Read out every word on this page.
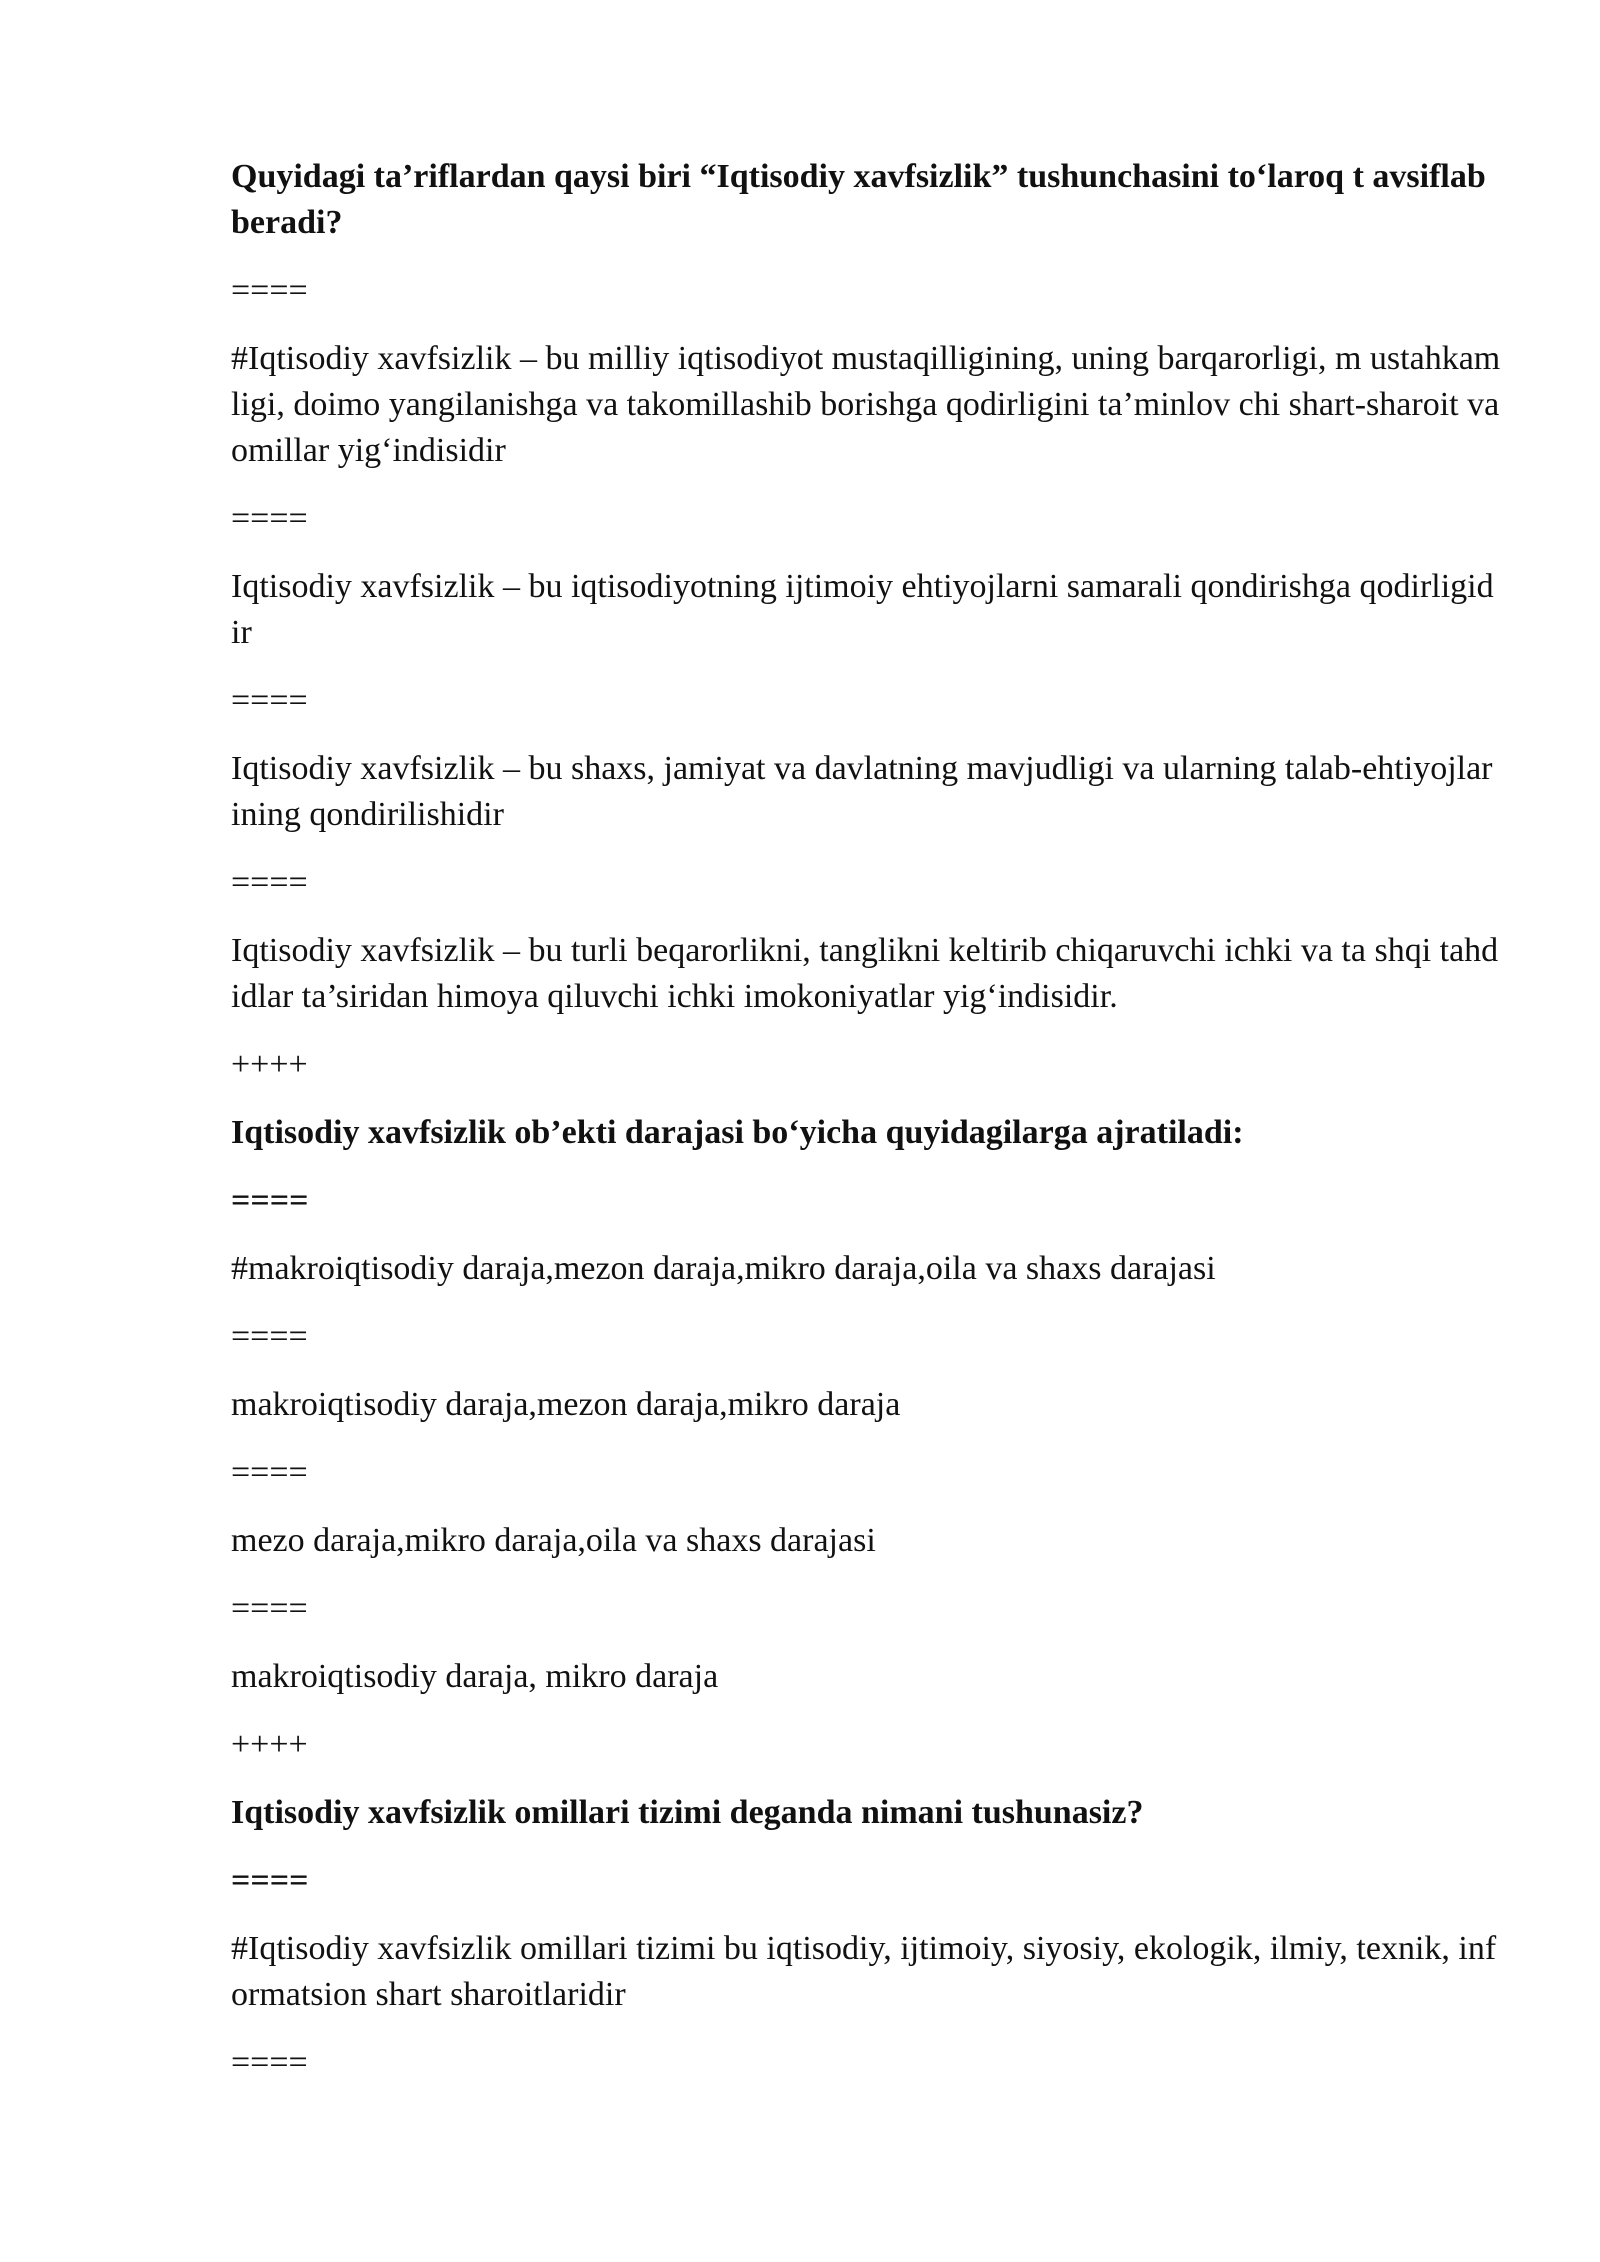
Quyidagi ta’riflardan qaysi biri “Iqtisodiy xavfsizlik” tushunchasini to‘laroq t avsiflab beradi?

====

#Iqtisodiy xavfsizlik – bu milliy iqtisodiyot mustaqilligining, uning barqarorligi, m ustahkamligi, doimo yangilanishga va takomillashib borishga qodirligini ta’minlov chi shart-sharoit va omillar yig‘indisidir

====

Iqtisodiy xavfsizlik – bu iqtisodiyotning ijtimoiy ehtiyojlarni samarali qondirishga qodirligidir

====

Iqtisodiy xavfsizlik – bu shaxs, jamiyat va davlatning mavjudligi va ularning talab-ehtiyojlarining qondirilishidir

====

Iqtisodiy xavfsizlik – bu turli beqarorlikni, tanglikni keltirib chiqaruvchi ichki va ta shqi tahdidlar ta’siridan himoya qiluvchi ichki imokoniyatlar yig‘indisidir.

++++

Iqtisodiy xavfsizlik ob’ekti darajasi bo‘yicha quyidagilarga ajratiladi:

====

#makroiqtisodiy daraja,mezon daraja,mikro daraja,oila va shaxs darajasi

====

makroiqtisodiy daraja,mezon daraja,mikro daraja

====

mezo daraja,mikro daraja,oila va shaxs darajasi

====

makroiqtisodiy daraja, mikro daraja

++++

Iqtisodiy xavfsizlik omillari tizimi deganda nimani tushunasiz?

====

#Iqtisodiy xavfsizlik omillari tizimi bu iqtisodiy, ijtimoiy, siyosiy, ekologik, ilmiy, texnik, informatsion shart sharoitlaridir

====
